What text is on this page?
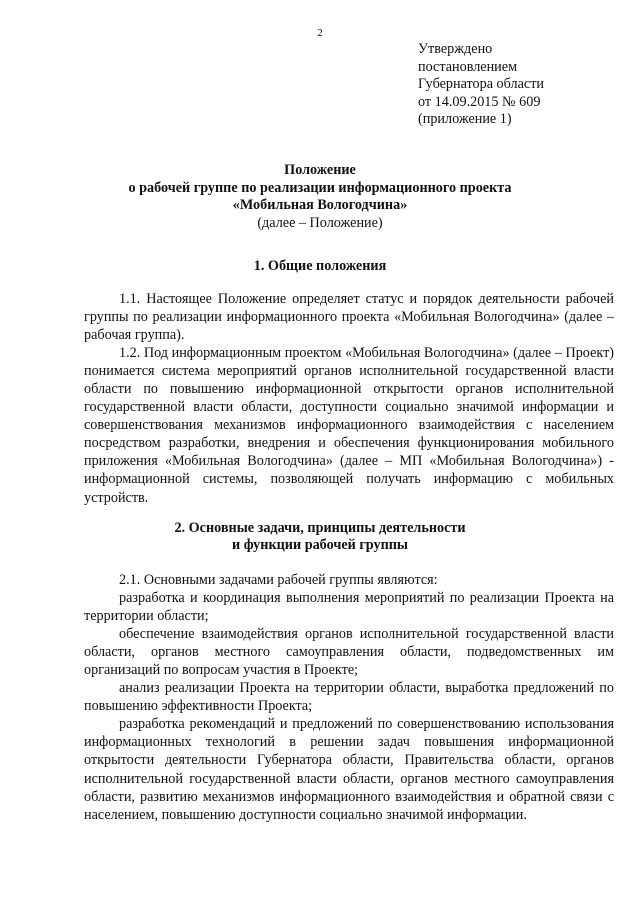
2
Утверждено
постановлением
Губернатора области
от 14.09.2015 № 609
(приложение 1)
Положение
о рабочей группе по реализации информационного проекта
«Мобильная Вологодчина»
(далее – Положение)
1. Общие положения

1.1. Настоящее Положение определяет статус и порядок деятельности рабочей группы по реализации информационного проекта «Мобильная Вологодчина» (далее – рабочая группа).

1.2. Под информационным проектом «Мобильная Вологодчина» (далее – Проект) понимается система мероприятий органов исполнительной государственной власти области по повышению информационной открытости органов исполнительной государственной власти области, доступности социально значимой информации и совершенствования механизмов информационного взаимодействия с населением посредством разработки, внедрения и обеспечения функционирования мобильного приложения «Мобильная Вологодчина» (далее – МП «Мобильная Вологодчина») - информационной системы, позволяющей получать информацию с мобильных устройств.

2. Основные задачи, принципы деятельности
и функции рабочей группы

2.1. Основными задачами рабочей группы являются:

разработка и координация выполнения мероприятий по реализации Проекта на территории области;

обеспечение взаимодействия органов исполнительной государственной власти области, органов местного самоуправления области, подведомственных им организаций по вопросам участия в Проекте;

анализ реализации Проекта на территории области, выработка предложений по повышению эффективности Проекта;

разработка рекомендаций и предложений по совершенствованию использования информационных технологий в решении задач повышения информационной открытости деятельности Губернатора области, Правительства области, органов исполнительной государственной власти области, органов местного самоуправления области, развитию механизмов информационного взаимодействия и обратной связи с населением, повышению доступности социально значимой информации.
